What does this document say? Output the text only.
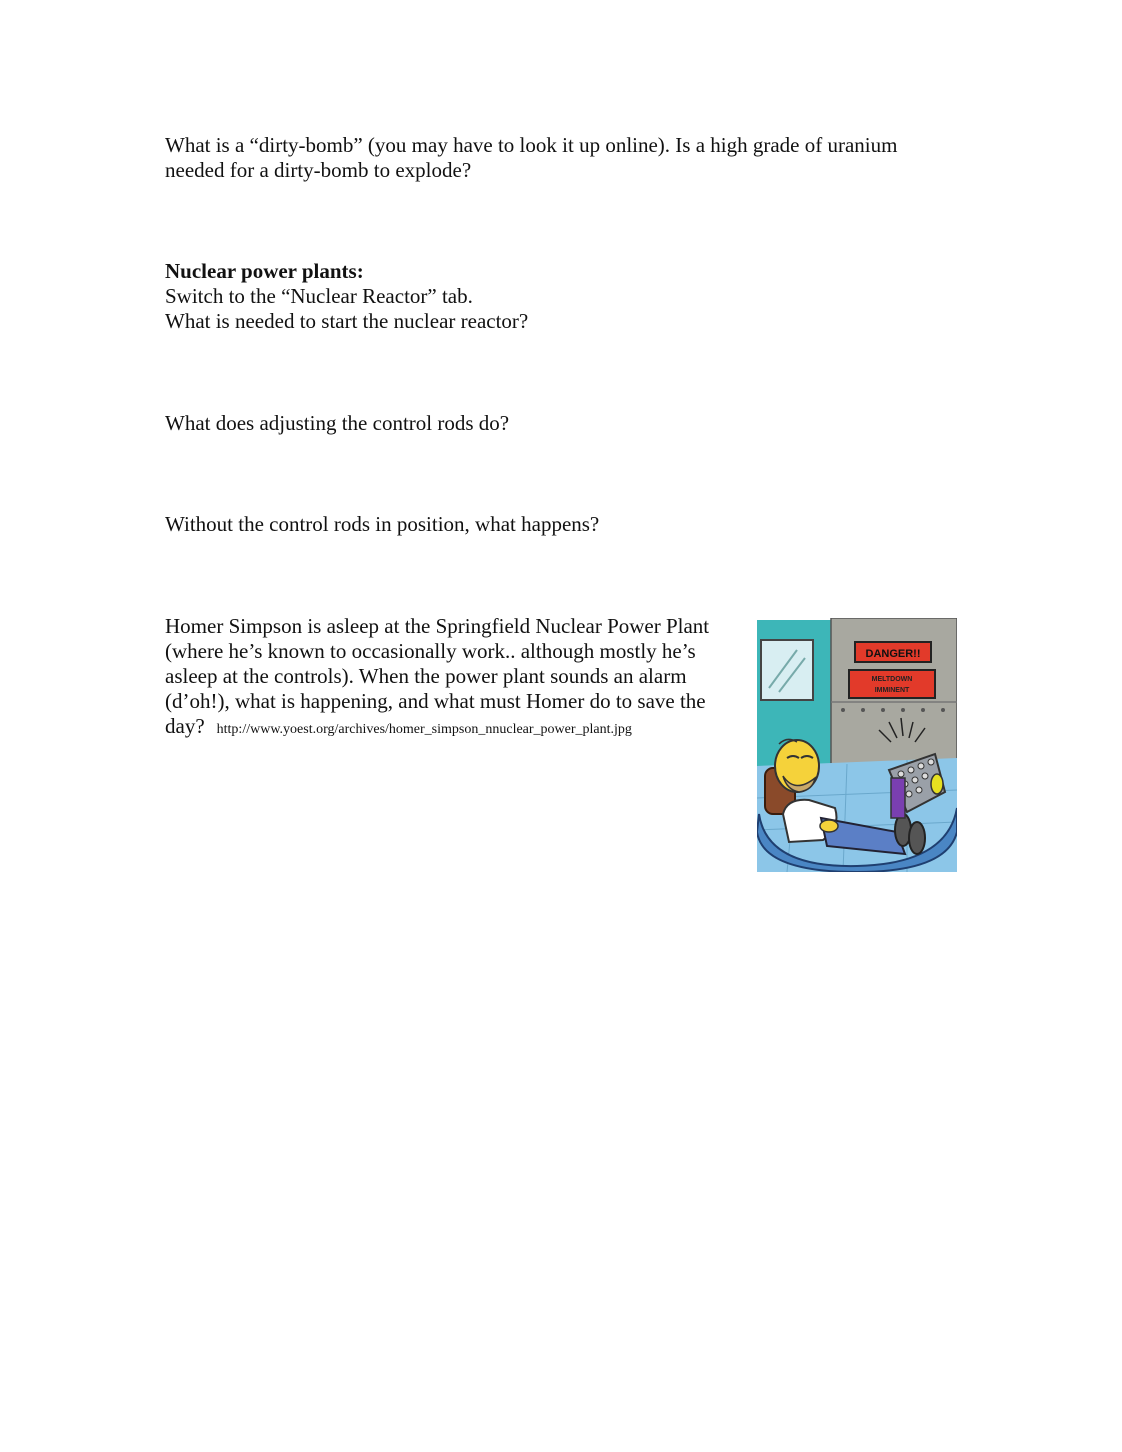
What is a “dirty-bomb” (you may have to look it up online). Is a high grade of uranium
needed for a dirty-bomb to explode?

Nuclear power plants:
Switch to the “Nuclear Reactor” tab.
What is needed to start the nuclear reactor?

What does adjusting the control rods do?

Without the control rods in position, what happens?

Homer Simpson is asleep at the Springfield Nuclear Power Plant
(where he’s known to occasionally work.. although mostly he’s
asleep at the controls). When the power plant sounds an alarm
(d’oh!), what is happening, and what must Homer do to save the
day? http://www.yoest.org/archives/homer_simpson_nnuclear_power_plant.jpg

DANGER!!
MELTDOWN
IMMINENT
